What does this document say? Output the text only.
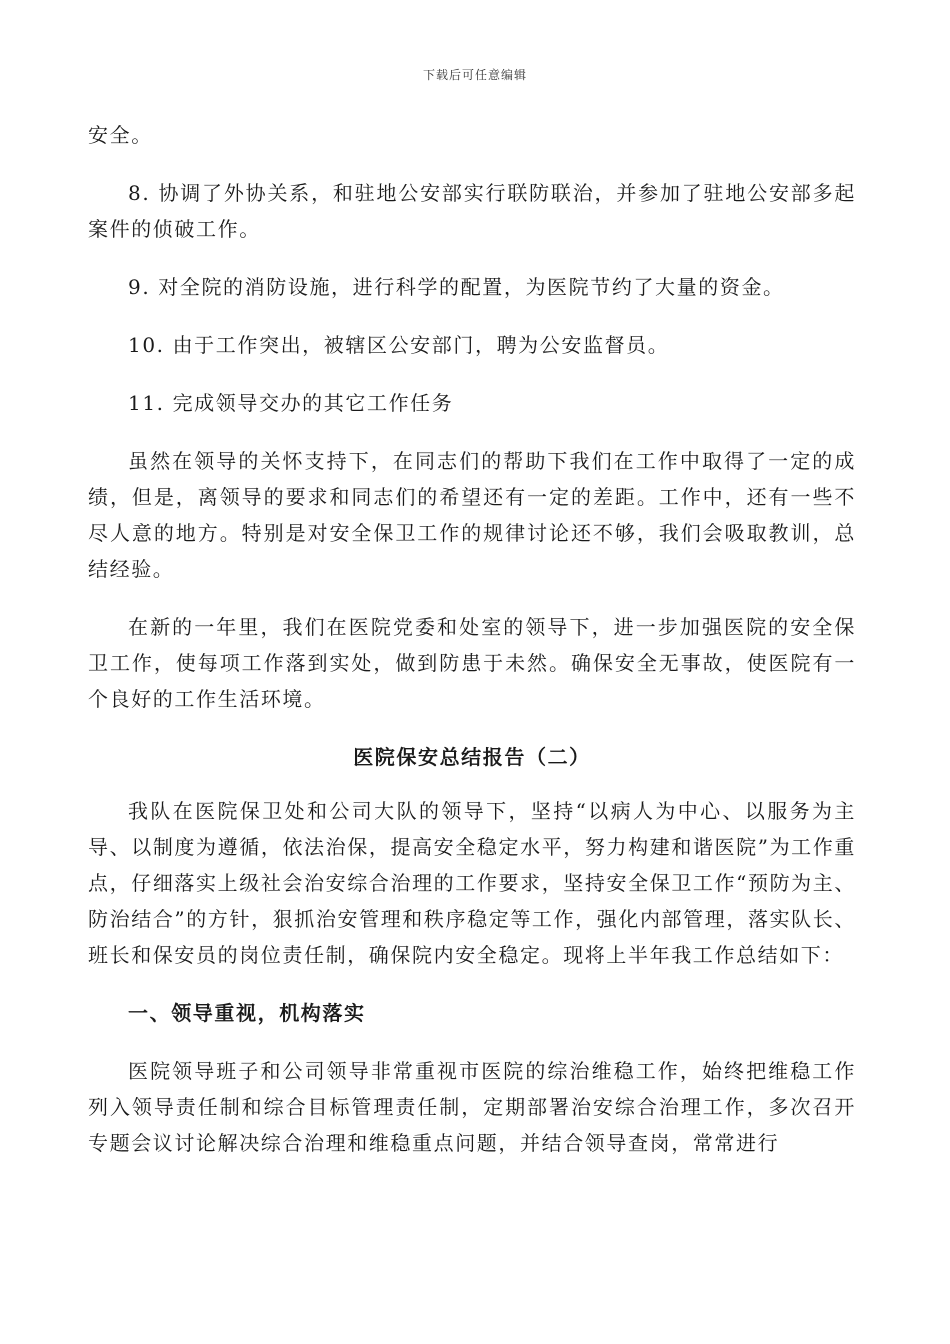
下载后可任意编辑

安全。

8. 协调了外协关系，和驻地公安部实行联防联治，并参加了驻地公安部多起案件的侦破工作。

9. 对全院的消防设施，进行科学的配置，为医院节约了大量的资金。

10. 由于工作突出，被辖区公安部门，聘为公安监督员。

11. 完成领导交办的其它工作任务

虽然在领导的关怀支持下，在同志们的帮助下我们在工作中取得了一定的成绩，但是，离领导的要求和同志们的希望还有一定的差距。工作中，还有一些不尽人意的地方。特别是对安全保卫工作的规律讨论还不够，我们会吸取教训，总结经验。

在新的一年里，我们在医院党委和处室的领导下，进一步加强医院的安全保卫工作，使每项工作落到实处，做到防患于未然。确保安全无事故，使医院有一个良好的工作生活环境。

医院保安总结报告（二）

我队在医院保卫处和公司大队的领导下，坚持“以病人为中心、以服务为主导、以制度为遵循，依法治保，提高安全稳定水平，努力构建和谐医院”为工作重点，仔细落实上级社会治安综合治理的工作要求，坚持安全保卫工作“预防为主、防治结合”的方针，狠抓治安管理和秩序稳定等工作，强化内部管理，落实队长、班长和保安员的岗位责任制，确保院内安全稳定。现将上半年我工作总结如下：

一、领导重视，机构落实

医院领导班子和公司领导非常重视市医院的综治维稳工作，始终把维稳工作列入领导责任制和综合目标管理责任制，定期部署治安综合治理工作，多次召开专题会议讨论解决综合治理和维稳重点问题，并结合领导查岗，常常进行
